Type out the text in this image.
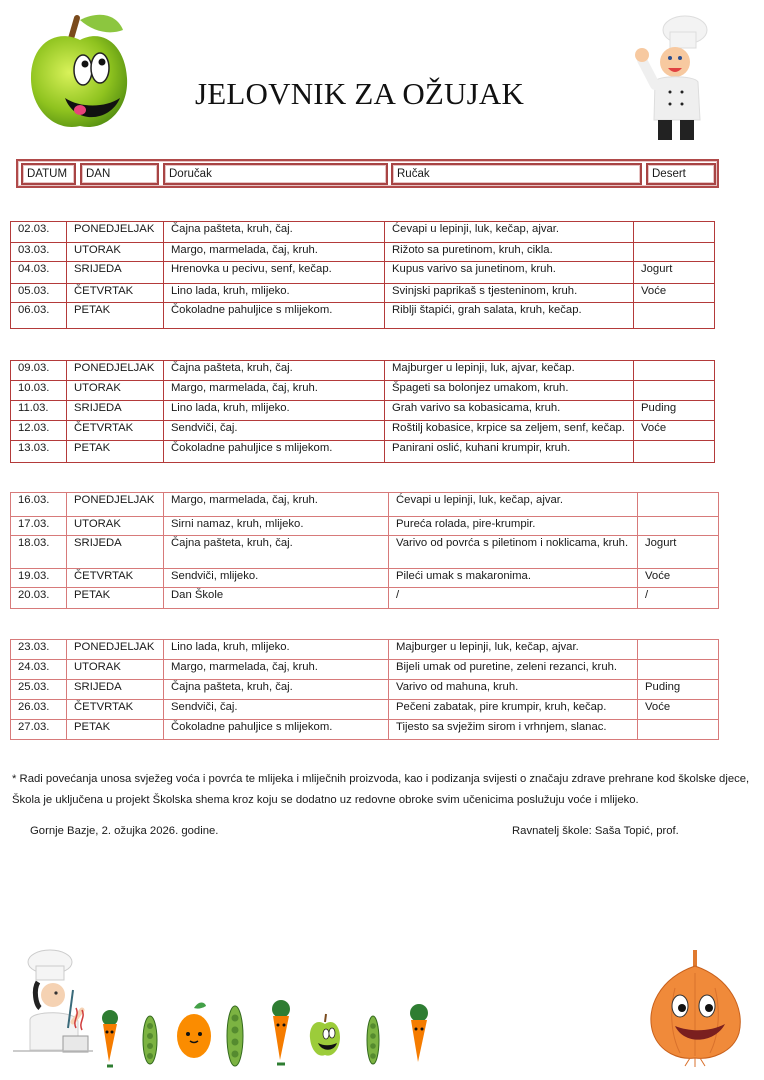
JELOVNIK ZA OŽUJAK
DATUM	DAN	Doručak	Ručak	Desert
02.03.	PONEDJELJAK	Čajna pašteta, kruh, čaj.	Ćevapi u lepinji, luk, kečap, ajvar.	
03.03.	UTORAK	Margo, marmelada, čaj, kruh.	Rižoto sa puretinom, kruh, cikla.	
04.03.	SRIJEDA	Hrenovka u pecivu, senf, kečap.	Kupus varivo sa junetinom, kruh.	Jogurt
05.03.	ČETVRTAK	Lino lada, kruh, mlijeko.	Svinjski paprikaš s tjesteninom, kruh.	Voće
06.03.	PETAK	Čokoladne pahuljice s mlijekom.	Riblji štapići, grah salata, kruh, kečap.	
09.03.	PONEDJELJAK	Čajna pašteta, kruh, čaj.	Majburger u lepinji, luk, ajvar, kečap.	
10.03.	UTORAK	Margo, marmelada, čaj, kruh.	Špageti sa bolonjez umakom, kruh.	
11.03.	SRIJEDA	Lino lada, kruh, mlijeko.	Grah varivo sa kobasicama, kruh.	Puding
12.03.	ČETVRTAK	Sendviči, čaj.	Roštilj kobasice, krpice sa zeljem, senf, kečap.	Voće
13.03.	PETAK	Čokoladne pahuljice s mlijekom.	Panirani oslić, kuhani krumpir, kruh.	
16.03.	PONEDJELJAK	Margo, marmelada, čaj, kruh.	Ćevapi u lepinji, luk, kečap, ajvar.	
17.03.	UTORAK	Sirni namaz, kruh, mlijeko.	Pureća rolada, pire-krumpir.	
18.03.	SRIJEDA	Čajna pašteta, kruh, čaj.	Varivo od povrća s piletinom i noklicama, kruh.	Jogurt
19.03.	ČETVRTAK	Sendviči, mlijeko.	Pileći umak s makaronima.	Voće
20.03.	PETAK	Dan Škole	/	/
23.03.	PONEDJELJAK	Lino lada, kruh, mlijeko.	Majburger u lepinji, luk, kečap, ajvar.	
24.03.	UTORAK	Margo, marmelada, čaj, kruh.	Bijeli umak od puretine, zeleni rezanci, kruh.	
25.03.	SRIJEDA	Čajna pašteta, kruh, čaj.	Varivo od mahuna, kruh.	Puding
26.03.	ČETVRTAK	Sendviči, čaj.	Pečeni zabatak, pire krumpir, kruh, kečap.	Voće
27.03.	PETAK	Čokoladne pahuljice s mlijekom.	Tijesto sa svježim sirom i vrhnjem, slanac.	
* Radi povećanja unosa svježeg voća i povrća te mlijeka i mliječnih proizvoda, kao i podizanja svijesti o značaju zdrave prehrane kod školske djece, Škola je uključena u projekt Školska shema kroz koju se dodatno uz redovne obroke svim učenicima poslužuju voće i mlijeko.
Gornje Bazje, 2. ožujka 2026. godine.	Ravnatelj škole: Saša Topić, prof.
